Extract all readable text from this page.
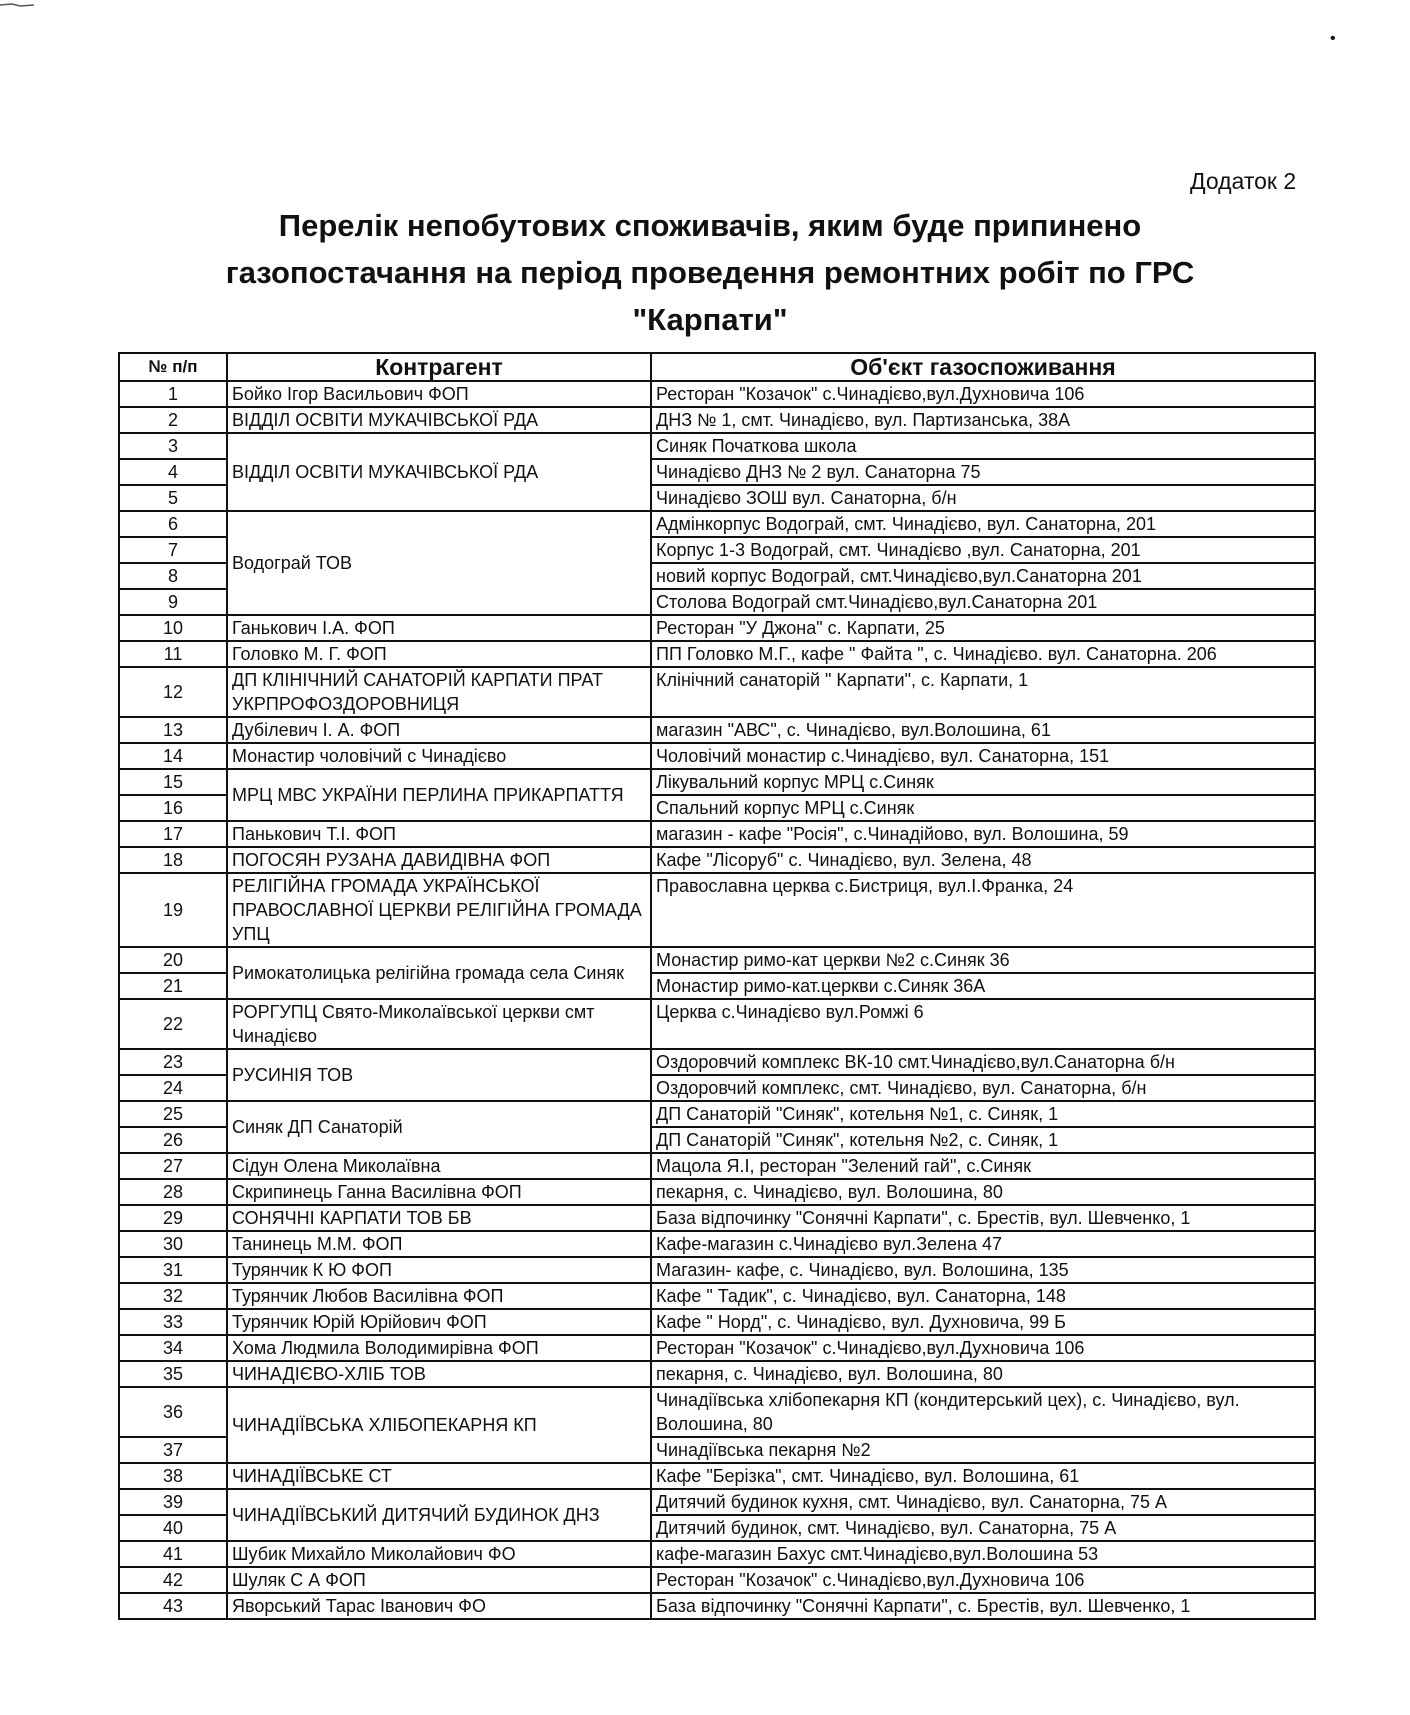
•
Додаток 2
Перелік непобутових споживачів, яким буде припинено
газопостачання на період проведення ремонтних робіт по ГРС
"Карпати"
№ п/п	Контрагент	Об'єкт газоспоживання
1	Бойко Ігор Васильович ФОП	Ресторан "Козачок" с.Чинадієво,вул.Духновича 106
2	ВІДДІЛ ОСВІТИ МУКАЧІВСЬКОЇ РДА	ДНЗ № 1, смт. Чинадієво, вул. Партизанська, 38А
3	ВІДДІЛ ОСВІТИ МУКАЧІВСЬКОЇ РДА	Синяк Початкова школа
4		Чинадієво ДНЗ № 2 вул. Санаторна 75
5		Чинадієво ЗОШ вул. Санаторна, б/н
6	Водограй ТОВ	Адмінкорпус Водограй, смт. Чинадієво, вул. Санаторна, 201
7		Корпус 1-3 Водограй, смт. Чинадієво ,вул. Санаторна, 201
8		новий корпус Водограй, смт.Чинадієво,вул.Санаторна 201
9		Столова Водограй смт.Чинадієво,вул.Санаторна 201
10	Ганькович І.А. ФОП	Ресторан "У Джона" с. Карпати, 25
11	Головко М. Г. ФОП	ПП Головко М.Г., кафе " Файта ", с. Чинадієво. вул. Санаторна. 206
12	ДП КЛІНІЧНИЙ САНАТОРІЙ КАРПАТИ ПРАТ УКРПРОФОЗДОРОВНИЦЯ	Клінічний санаторій " Карпати", с. Карпати, 1
13	Дубілевич І. А. ФОП	магазин "АВС", с. Чинадієво, вул.Волошина, 61
14	Монастир чоловічий с Чинадієво	Чоловічий монастир с.Чинадієво, вул. Санаторна, 151
15	МРЦ МВС УКРАЇНИ ПЕРЛИНА ПРИКАРПАТТЯ	Лікувальний корпус МРЦ с.Синяк
16		Спальний корпус МРЦ с.Синяк
17	Панькович Т.І. ФОП	магазин - кафе "Росія", с.Чинадійово, вул. Волошина, 59
18	ПОГОСЯН РУЗАНА ДАВИДІВНА ФОП	Кафе "Лісоруб" с. Чинадієво, вул. Зелена, 48
19	РЕЛІГІЙНА ГРОМАДА УКРАЇНСЬКОЇ ПРАВОСЛАВНОЇ ЦЕРКВИ РЕЛІГІЙНА ГРОМАДА УПЦ	Православна церква с.Бистриця, вул.І.Франка, 24
20	Римокатолицька релігійна громада села Синяк	Монастир римо-кат церкви №2 с.Синяк 36
21		Монастир римо-кат.церкви с.Синяк 36А
22	РОРГУПЦ Свято-Миколаївської церкви смт Чинадієво	Церква с.Чинадієво вул.Ромжі 6
23	РУСИНІЯ ТОВ	Оздоровчий комплекс ВК-10 смт.Чинадієво,вул.Санаторна б/н
24		Оздоровчий комплекс, смт. Чинадієво, вул. Санаторна, б/н
25	Синяк ДП Санаторій	ДП Санаторій "Синяк", котельня №1, с. Синяк, 1
26		ДП Санаторій "Синяк", котельня №2, с. Синяк, 1
27	Сідун Олена Миколаївна	Мацола Я.І, ресторан "Зелений гай", с.Синяк
28	Скрипинець Ганна Василівна ФОП	пекарня, с. Чинадієво, вул. Волошина, 80
29	СОНЯЧНІ КАРПАТИ ТОВ БВ	База відпочинку "Сонячні Карпати", с. Брестів, вул. Шевченко, 1
30	Танинець М.М. ФОП	Кафе-магазин с.Чинадієво вул.Зелена 47
31	Турянчик К Ю ФОП	Магазин- кафе, с. Чинадієво, вул. Волошина, 135
32	Турянчик Любов Василівна ФОП	Кафе " Тадик", с. Чинадієво, вул. Санаторна, 148
33	Турянчик Юрій Юрійович ФОП	Кафе " Норд", с. Чинадієво, вул. Духновича, 99 Б
34	Хома Людмила Володимирівна ФОП	Ресторан "Козачок" с.Чинадієво,вул.Духновича 106
35	ЧИНАДІЄВО-ХЛІБ ТОВ	пекарня, с. Чинадієво, вул. Волошина, 80
36	ЧИНАДІЇВСЬКА ХЛІБОПЕКАРНЯ КП	Чинадіївська хлібопекарня КП (кондитерський цех), с. Чинадієво, вул. Волошина, 80
37		Чинадіївська пекарня №2
38	ЧИНАДІЇВСЬКЕ СТ	Кафе "Берізка", смт. Чинадієво, вул. Волошина, 61
39	ЧИНАДІЇВСЬКИЙ ДИТЯЧИЙ БУДИНОК ДНЗ	Дитячий будинок кухня, смт. Чинадієво, вул. Санаторна, 75 А
40		Дитячий будинок, смт. Чинадієво, вул. Санаторна, 75 А
41	Шубик Михайло Миколайович ФО	кафе-магазин Бахус смт.Чинадієво,вул.Волошина 53
42	Шуляк С А ФОП	Ресторан "Козачок" с.Чинадієво,вул.Духновича 106
43	Яворський Тарас Іванович ФО	База відпочинку "Сонячні Карпати", с. Брестів, вул. Шевченко, 1
